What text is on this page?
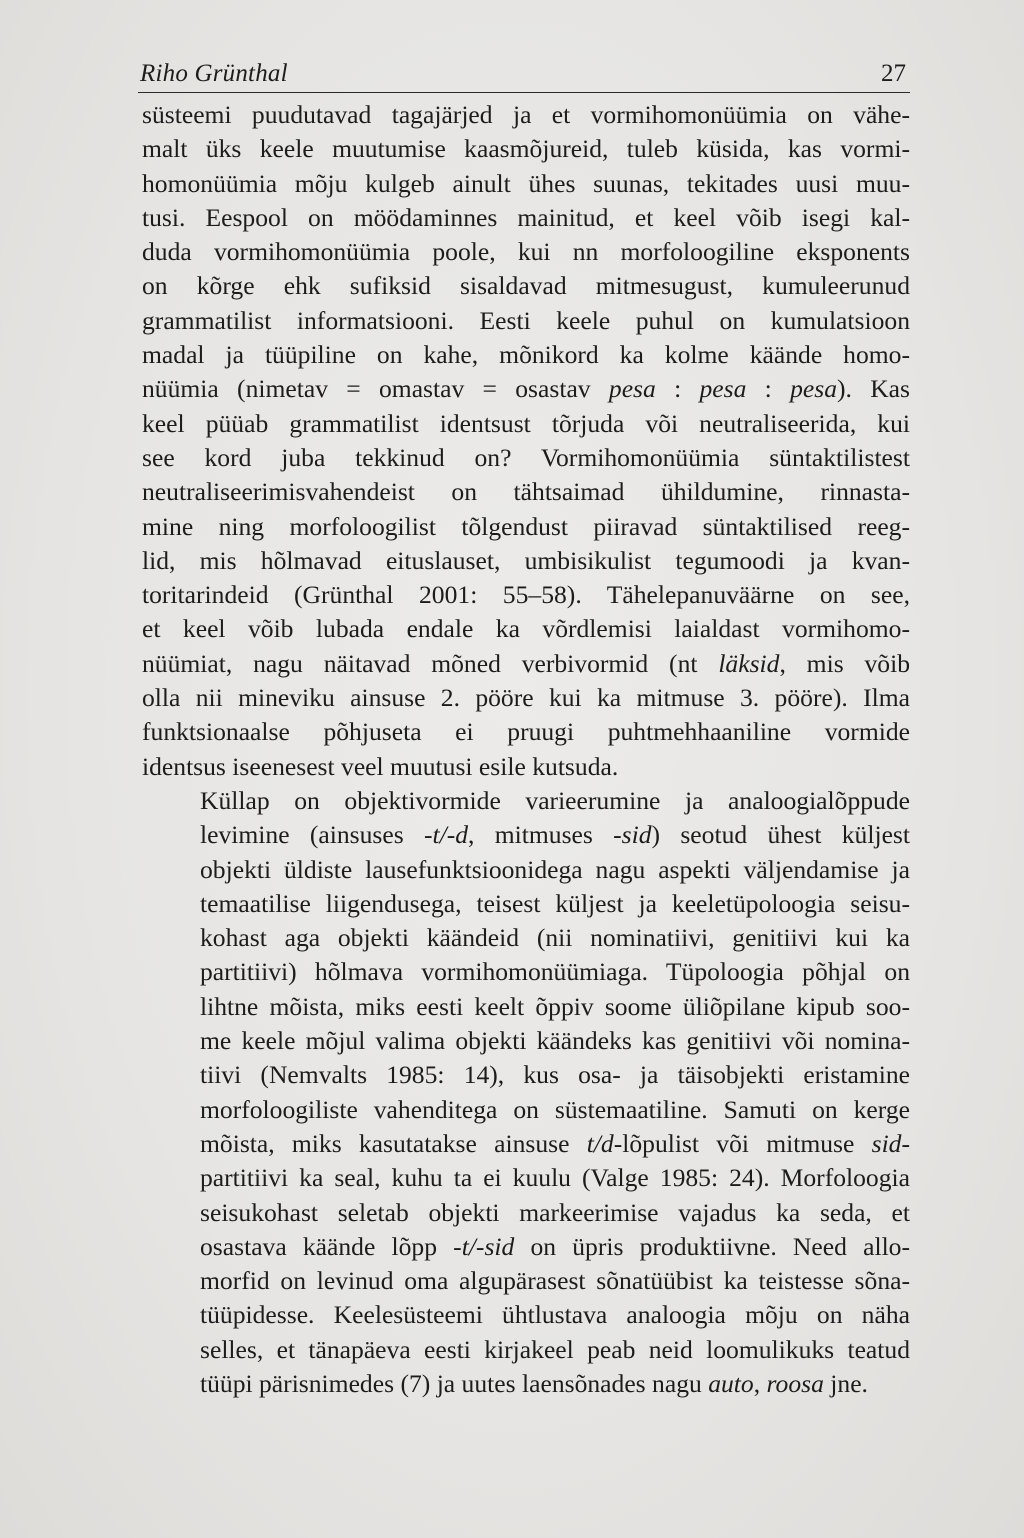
Riho Grünthal	27

süsteemi puudutavad tagajärjed ja et vormihomonüümia on vähe-
malt üks keele muutumise kaasmõjureid, tuleb küsida, kas vormi-
homonüümia mõju kulgeb ainult ühes suunas, tekitades uusi muu-
tusi. Eespool on möödaminnes mainitud, et keel võib isegi kal-
duda vormihomonüümia poole, kui nn morfoloogiline eksponents
on kõrge ehk sufiksid sisaldavad mitmesugust, kumuleerunud
grammatilist informatsiooni. Eesti keele puhul on kumulatsioon
madal ja tüüpiline on kahe, mõnikord ka kolme käände homo-
nüümia (nimetav = omastav = osastav pesa : pesa : pesa). Kas
keel püüab grammatilist identsust tõrjuda või neutraliseerida, kui
see kord juba tekkinud on? Vormihomonüümia süntaktilistest
neutraliseerimisvahendeist on tähtsaimad ühildumine, rinnasta-
mine ning morfoloogilist tõlgendust piiravad süntaktilised reeg-
lid, mis hõlmavad eituslauset, umbisikulist tegumoodi ja kvan-
toritarindeid (Grünthal 2001: 55–58). Tähelepanuväärne on see,
et keel võib lubada endale ka võrdlemisi laialdast vormihomo-
nüümiat, nagu näitavad mõned verbivormid (nt läksid, mis võib
olla nii mineviku ainsuse 2. pööre kui ka mitmuse 3. pööre). Ilma
funktsionaalse põhjuseta ei pruugi puhtmehhaaniline vormide
identsus iseenesest veel muutusi esile kutsuda.

Küllap on objektivormide varieerumine ja analoogialõppude
levimine (ainsuses -t/-d, mitmuses -sid) seotud ühest küljest
objekti üldiste lausefunktsioonidega nagu aspekti väljendamise ja
temaatilise liigendusega, teisest küljest ja keeletüpoloogia seisu-
kohast aga objekti käändeid (nii nominatiivi, genitiivi kui ka
partitiivi) hõlmava vormihomonüümiaga. Tüpoloogia põhjal on
lihtne mõista, miks eesti keelt õppiv soome üliõpilane kipub soo-
me keele mõjul valima objekti käändeks kas genitiivi või nomina-
tiivi (Nemvalts 1985: 14), kus osa- ja täisobjekti eristamine
morfoloogiliste vahenditega on süstemaatiline. Samuti on kerge
mõista, miks kasutatakse ainsuse t/d-lõpulist või mitmuse sid-
partitiivi ka seal, kuhu ta ei kuulu (Valge 1985: 24). Morfoloogia
seisukohast seletab objekti markeerimise vajadus ka seda, et
osastava käände lõpp -t/-sid on üpris produktiivne. Need allo-
morfid on levinud oma algupärasest sõnatüübist ka teistesse sõna-
tüüpidesse. Keelesüsteemi ühtlustava analoogia mõju on näha
selles, et tänapäeva eesti kirjakeel peab neid loomulikuks teatud
tüüpi pärisnimedes (7) ja uutes laensõnades nagu auto, roosa jne.
